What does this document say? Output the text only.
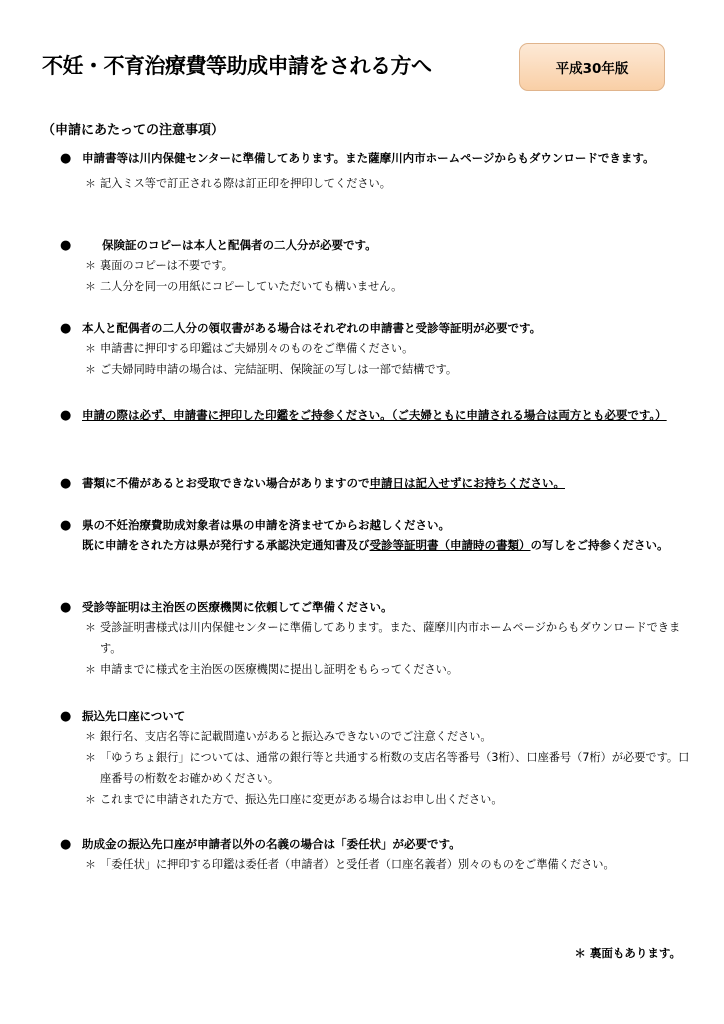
不妊・不育治療費等助成申請をされる方へ	平成30年版
（申請にあたっての注意事項）
● 申請書等は川内保健センターに準備してあります。また薩摩川内市ホームページからもダウンロードできます。
＊ 記入ミス等で訂正される際は訂正印を押印してください。
●	保険証のコピーは本人と配偶者の二人分が必要です。
＊ 裏面のコピーは不要です。
＊ 二人分を同一の用紙にコピーしていただいても構いません。
● 本人と配偶者の二人分の領収書がある場合はそれぞれの申請書と受診等証明が必要です。
＊ 申請書に押印する印鑑はご夫婦別々のものをご準備ください。
＊ ご夫婦同時申請の場合は、完結証明、保険証の写しは一部で結構です。
● 申請の際は必ず、申請書に押印した印鑑をご持参ください。（ご夫婦ともに申請される場合は両方とも必要です。）
● 書類に不備があるとお受取できない場合がありますので申請日は記入せずにお持ちください。
● 県の不妊治療費助成対象者は県の申請を済ませてからお越しください。
既に申請をされた方は県が発行する承認決定通知書及び受診等証明書（申請時の書類）の写しをご持参ください。
● 受診等証明は主治医の医療機関に依頼してご準備ください。
＊ 受診証明書様式は川内保健センターに準備してあります。また、薩摩川内市ホームページからもダウンロードできます。
＊ 申請までに様式を主治医の医療機関に提出し証明をもらってください。
● 振込先口座について
＊ 銀行名、支店名等に記載間違いがあると振込みできないのでご注意ください。
＊ 「ゆうちょ銀行」については、通常の銀行等と共通する桁数の支店名等番号（3桁）、口座番号（7桁）が必要です。口座番号の桁数をお確かめください。
＊ これまでに申請された方で、振込先口座に変更がある場合はお申し出ください。
● 助成金の振込先口座が申請者以外の名義の場合は「委任状」が必要です。
＊ 「委任状」に押印する印鑑は委任者（申請者）と受任者（口座名義者）別々のものをご準備ください。
＊ 裏面もあります。
